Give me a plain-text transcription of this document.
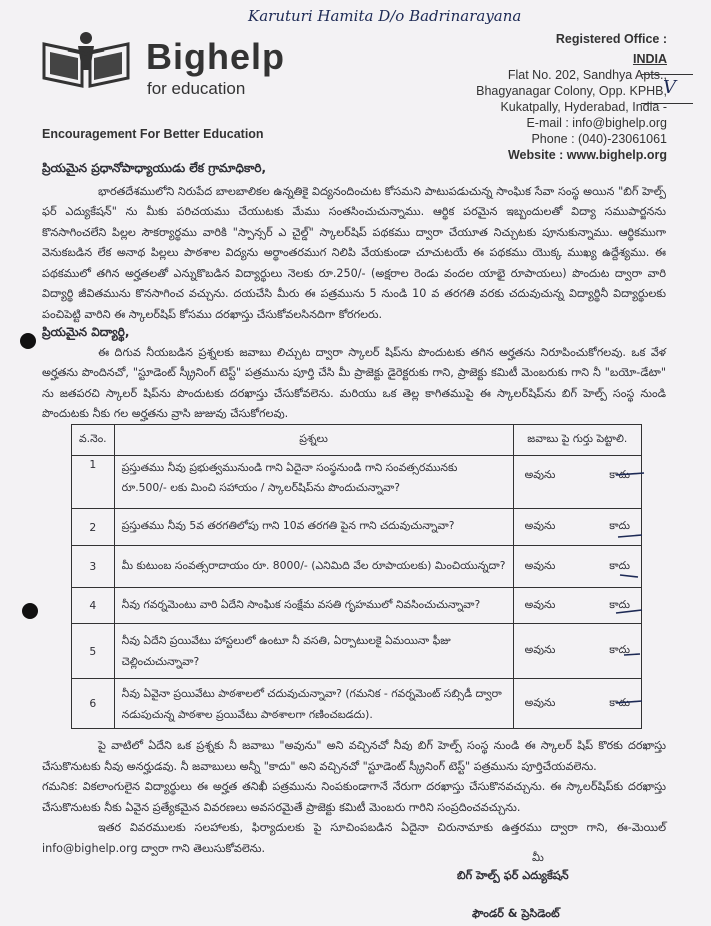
Karuturi Hamita D/o Badrinarayana
Bighelp
for education
Encouragement For Better Education
Registered Office :
INDIA
Flat No. 202, Sandhya Apts.,
Bhagyanagar Colony, Opp. KPHB,
Kukatpally, Hyderabad, India -
E-mail : info@bighelp.org
Phone : (040)-23061061
Website : www.bighelp.org
V
ప్రియమైన ప్రధానోపాధ్యాయుడు లేక గ్రామాధికారి,

భారతదేశములోని నిరుపేద బాలబాలికల ఉన్నతికై విద్యనందించుట కోసమని పాటుపడుచున్న సాంఘిక సేవా సంస్థ అయిన "బిగ్ హెల్ప్ ఫర్ ఎద్యుకేషన్" ను మీకు పరిచయము చేయుటకు మేము సంతసించుచున్నాము. ఆర్థిక పరమైన ఇబ్బందులతో విద్యా సముపార్జనను కొనసాగించలేని పిల్లల సౌకర్యార్థము వారికి "స్పాన్సర్ ఎ చైల్డ్" స్కాలర్‌షిప్ పథకము ద్వారా చేయూత నిచ్చుటకు పూనుకున్నాము. ఆర్థికముగా వెనుకబడిన లేక అనాథ పిల్లలు పాఠశాల విద్యను అర్థాంతరముగ నిలిపి వేయకుండా చూచుటయే ఈ పథకము యొక్క ముఖ్య ఉద్దేశ్యము. ఈ పథకములో తగిన అర్హతలతో ఎన్నుకొబడిన విద్యార్థులు నెలకు రూ.250/- (అక్షరాల రెండు వందల యాభై రూపాయలు) పొందుట ద్వారా వారి విద్యార్థి జీవితమును కొనసాగించ వచ్చును. దయచేసి మీరు ఈ పత్రమును 5 నుండి 10 వ తరగతి వరకు చదువుచున్న విద్యార్థినీ విద్యార్థులకు పంచిపెట్టి వారిని ఈ స్కాలర్‌షిప్ కోసము దరఖాస్తు చేసుకోవలసినదిగా కోరగలరు.

ప్రియమైన విద్యార్థి,

ఈ దిగువ నీయబడిన ప్రశ్నలకు జవాబు లిచ్చుట ద్వారా స్కాలర్ షిప్‌ను పొందుటకు తగిన అర్హతను నిరూపించుకోగలవు. ఒక వేళ అర్హతను పొందినచో, "స్టూడెంట్ స్క్రీనింగ్ టెస్ట్" పత్రమును పూర్తి చేసి మీ ప్రాజెక్టు డైరెక్టరుకు గాని, ప్రాజెక్టు కమిటీ మెంబరుకు గాని నీ "బయో-డేటా" ను జతపరచి స్కాలర్ షిప్‌ను పొందుటకు దరఖాస్తు చేసుకోవలెను. మరియు ఒక తెల్ల కాగితముపై ఈ స్కాలర్‌షిప్‌ను బిగ్ హెల్ప్ సంస్థ నుండి పొందుటకు నీకు గల అర్హతను వ్రాసి జుజువు చేసుకోగలవు.

వ.నెం.	ప్రశ్నలు	జవాబు పై గుర్తు పెట్టాలి.
1	ప్రస్తుతము నీవు ప్రభుత్వమునుండి గాని ఏదైనా సంస్థనుండి గాని సంవత్సరమునకు రూ.500/- లకు మించి సహాయం / స్కాలర్‌షిప్‌ను పొందుచున్నావా?	అవును కాదు

2	ప్రస్తుతము నీవు 5వ తరగతిలోపు గాని 10వ తరగతి పైన గాని చదువుచున్నావా?	అవును కాదు

3	మీ కుటుంబ సంవత్సరాదాయం రూ. 8000/- (ఎనిమిది వేల రూపాయలకు) మించియున్నదా?	అవును కాదు

4	నీవు గవర్నమెంటు వారి ఏదేని సాంఘిక సంక్షేమ వసతి గృహములో నివసించుచున్నావా?	అవును కాదు

5	నీవు ఏదేని ప్రయివేటు హాస్టలులో ఉంటూ నీ వసతి, ఏర్పాటులకై ఏమయినా ఫీజు చెల్లించుచున్నావా?	అవును కాదు

6	నీవు ఏవైనా ప్రయివేటు పాఠశాలలో చదువుచున్నావా? (గమనిక - గవర్నమెంట్ సబ్సిడీ ద్వారా నడుపుచున్న పాఠశాల ప్రయివేటు పాఠశాలగా గణించబడదు).	అవును కాదు

పై వాటిలో ఏదేని ఒక ప్రశ్నకు నీ జవాబు "అవును" అని వచ్చినచో నీవు బిగ్ హెల్ప్ సంస్థ నుండి ఈ స్కాలర్ షిప్ కొరకు దరఖాస్తు చేసుకొనుటకు నీవు అనర్హుడవు. నీ జవాబులు అన్నీ "కాదు" అని వచ్చినచో "స్టూడెంట్ స్క్రీనింగ్ టెస్ట్" పత్రమును పూర్తిచేయవలెను.

గమనిక: వికలాంగులైన విద్యార్థులు ఈ అర్హత తనిఖీ పత్రమును నింపకుండాగానే నేరుగా దరఖాస్తు చేసుకొనవచ్చును. ఈ స్కాలర్‌షిప్‌కు దరఖాస్తు చేసుకొనుటకు నీకు ఏవైన ప్రత్యేకమైన వివరణలు అవసరమైతే ప్రాజెక్టు కమిటీ మెంబరు గారిని సంప్రదించవచ్చును.

ఇతర వివరములకు సలహాలకు, ఫిర్యాదులకు పై సూచింపబడిన ఏదైనా చిరునామాకు ఉత్తరము ద్వారా గాని, ఈ-మెయిల్ info@bighelp.org ద్వారా గాని తెలుసుకోవలెను.

మీ
బిగ్ హెల్ప్ ఫర్ ఎద్యుకేషన్
ఫౌండర్ & ప్రెసిడెంట్
